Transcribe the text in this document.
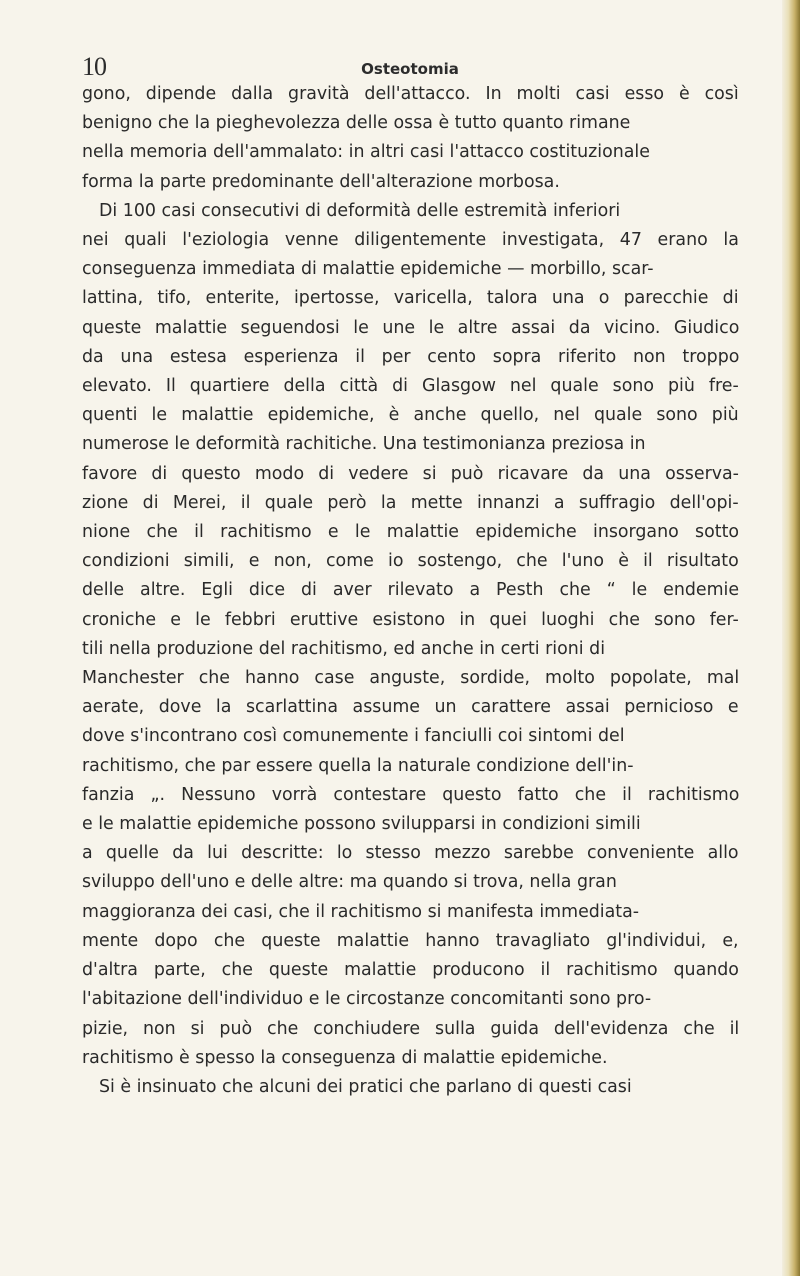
10	Osteotomia

gono, dipende dalla gravità dell'attacco. In molti casi esso è così
benigno che la pieghevolezza delle ossa è tutto quanto rimane
nella memoria dell'ammalato: in altri casi l'attacco costituzionale
forma la parte predominante dell'alterazione morbosa.

Di 100 casi consecutivi di deformità delle estremità inferiori
nei quali l'eziologia venne diligentemente investigata, 47 erano la
conseguenza immediata di malattie epidemiche — morbillo, scar-
lattina, tifo, enterite, ipertosse, varicella, talora una o parecchie di
queste malattie seguendosi le une le altre assai da vicino. Giudico
da una estesa esperienza il per cento sopra riferito non troppo
elevato. Il quartiere della città di Glasgow nel quale sono più fre-
quenti le malattie epidemiche, è anche quello, nel quale sono più
numerose le deformità rachitiche. Una testimonianza preziosa in
favore di questo modo di vedere si può ricavare da una osserva-
zione di Merei, il quale però la mette innanzi a suffragio dell'opi-
nione che il rachitismo e le malattie epidemiche insorgano sotto
condizioni simili, e non, come io sostengo, che l'uno è il risultato
delle altre. Egli dice di aver rilevato a Pesth che “ le endemie
croniche e le febbri eruttive esistono in quei luoghi che sono fer-
tili nella produzione del rachitismo, ed anche in certi rioni di
Manchester che hanno case anguste, sordide, molto popolate, mal
aerate, dove la scarlattina assume un carattere assai pernicioso e
dove s'incontrano così comunemente i fanciulli coi sintomi del
rachitismo, che par essere quella la naturale condizione dell'in-
fanzia „. Nessuno vorrà contestare questo fatto che il rachitismo
e le malattie epidemiche possono svilupparsi in condizioni simili
a quelle da lui descritte: lo stesso mezzo sarebbe conveniente allo
sviluppo dell'uno e delle altre: ma quando si trova, nella gran
maggioranza dei casi, che il rachitismo si manifesta immediata-
mente dopo che queste malattie hanno travagliato gl'individui, e,
d'altra parte, che queste malattie producono il rachitismo quando
l'abitazione dell'individuo e le circostanze concomitanti sono pro-
pizie, non si può che conchiudere sulla guida dell'evidenza che il
rachitismo è spesso la conseguenza di malattie epidemiche.

Si è insinuato che alcuni dei pratici che parlano di questi casi
